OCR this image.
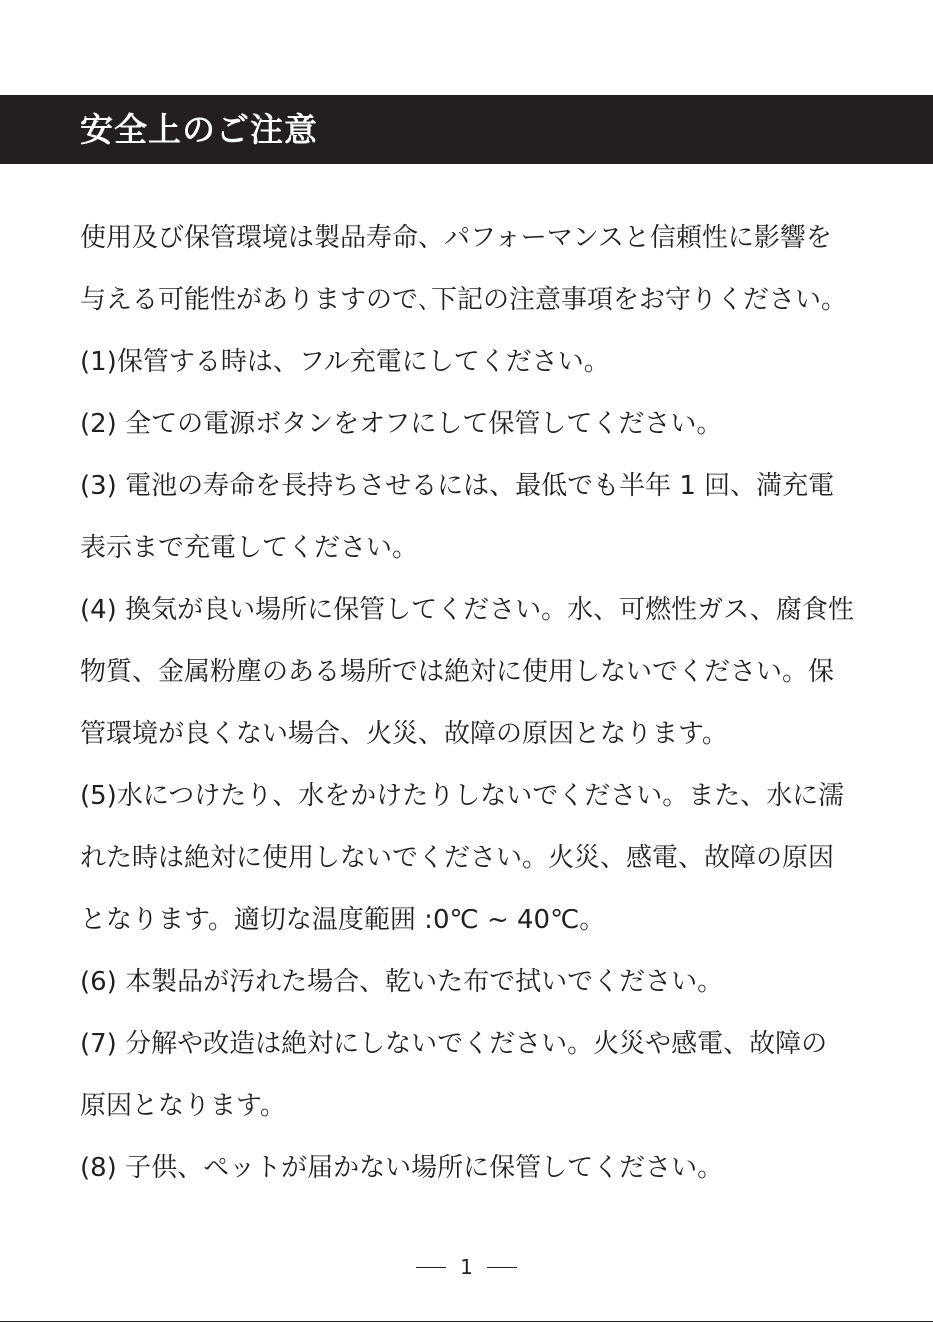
安全上のご注意
使用及び保管環境は製品寿命、パフォーマンスと信頼性に影響を
与える可能性がありますので､下記の注意事項をお守りください。
(1)保管する時は、フル充電にしてください。
(2) 全ての電源ボタンをオフにして保管してください。
(3) 電池の寿命を長持ちさせるには、最低でも半年 1 回、満充電
表示まで充電してください。
(4) 換気が良い場所に保管してください。水、可燃性ガス、腐食性
物質、金属粉塵のある場所では絶対に使用しないでください。保
管環境が良くない場合、火災、故障の原因となります。
(5)水につけたり、水をかけたりしないでください。また、水に濡
れた時は絶対に使用しないでください。火災、感電、故障の原因
となります。適切な温度範囲 :0℃ ~ 40℃。
(6) 本製品が汚れた場合、乾いた布で拭いでください。
(7) 分解や改造は絶対にしないでください。火災や感電、故障の
原因となります。
(8) 子供、ペットが届かない場所に保管してください。
1
